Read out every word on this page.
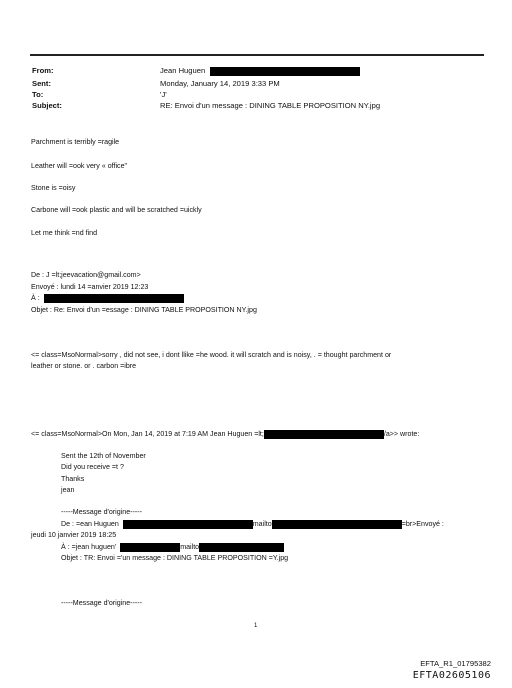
From:	Jean Huguen
Sent:	Monday, January 14, 2019 3:33 PM
To:	'J'
Subject:	RE: Envoi d'un message : DINING TABLE PROPOSITION NY.jpg
Parchment is terribly =ragile
Leather will =ook very « office"
Stone is =oisy
Carbone will =ook plastic and will be scratched =uickly
Let me think =nd find
De : J =lt;jeevacation@gmail.com>
Envoyé : lundi 14 =anvier 2019 12:23
À :
Objet : Re: Envoi d'un =essage : DINING TABLE PROPOSITION NY.jpg
<= class=MsoNormal>sorry , did not see, i dont llike =he wood. it will scratch and is noisy, . = thought parchment or
leather or stone. or . carbon =ibre
<= class=MsoNormal>On Mon, Jan 14, 2019 at 7:19 AM Jean Huguen =lt;	/a>> wrote:
Sent the 12th of November
Did you receive =t ?
Thanks
jean
-----Message d'origine-----
De : =ean Huguen	mailto	=br>Envoyé :
jeudi 10 janvier 2019 18:25
À : =jean huguen'	mailto
Objet : TR: Envoi ='un message : DINING TABLE PROPOSITION =Y.jpg
-----Message d'origine-----
1
EFTA_R1_01795382
EFTA02605106
